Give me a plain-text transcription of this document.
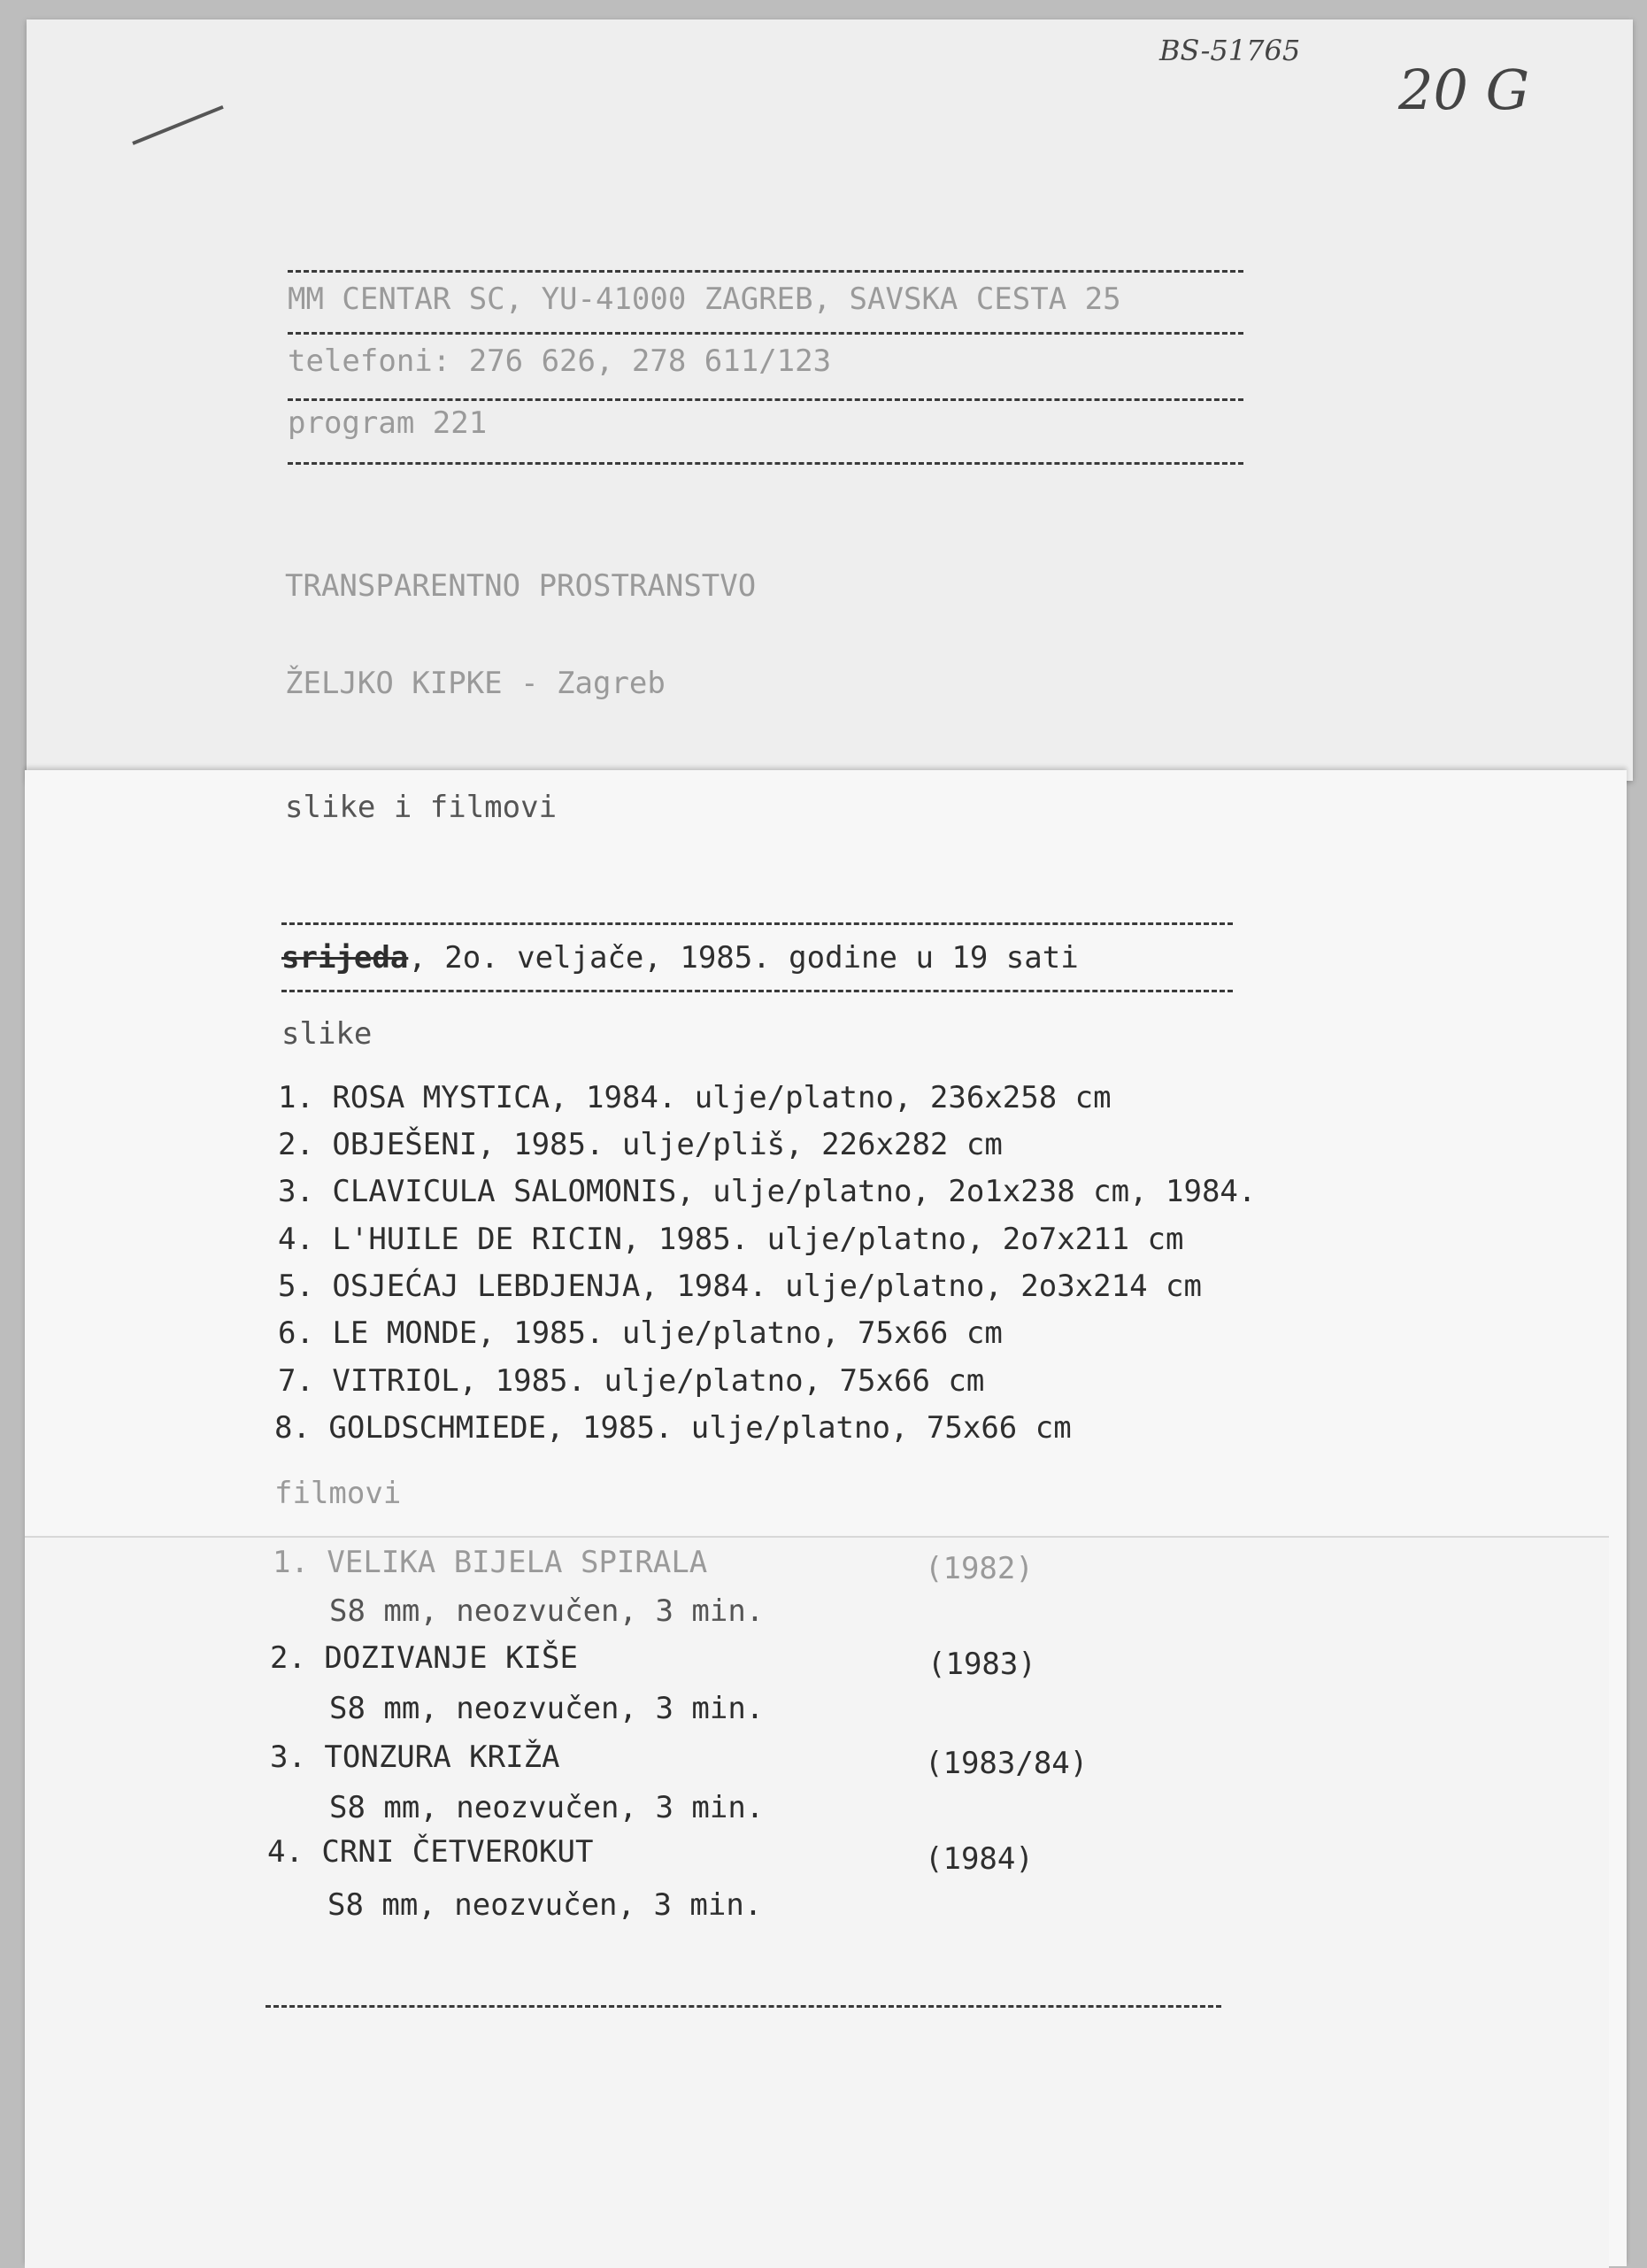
BS-51765
20 G
MM CENTAR SC, YU-41000 ZAGREB, SAVSKA CESTA 25
telefoni: 276 626, 278 611/123
program 221
TRANSPARENTNO PROSTRANSTVO
ŽELJKO KIPKE - Zagreb
slike i filmovi
srijeda, 2o. veljače, 1985. godine u 19 sati
slike
1. ROSA MYSTICA, 1984. ulje/platno, 236x258 cm
2. OBJEŠENI, 1985. ulje/pliš, 226x282 cm
3. CLAVICULA SALOMONIS, ulje/platno, 2o1x238 cm, 1984.
4. L'HUILE DE RICIN, 1985. ulje/platno, 2o7x211 cm
5. OSJEĆAJ LEBDJENJA, 1984. ulje/platno, 2o3x214 cm
6. LE MONDE, 1985. ulje/platno, 75x66 cm
7. VITRIOL, 1985. ulje/platno, 75x66 cm
8. GOLDSCHMIEDE, 1985. ulje/platno, 75x66 cm
filmovi
1. VELIKA BIJELA SPIRALA	(1982)
S8 mm, neozvučen, 3 min.
2. DOZIVANJE KIŠE	(1983)
S8 mm, neozvučen, 3 min.
3. TONZURA KRIŽA	(1983/84)
S8 mm, neozvučen, 3 min.
4. CRNI ČETVEROKUT	(1984)
S8 mm, neozvučen, 3 min.
